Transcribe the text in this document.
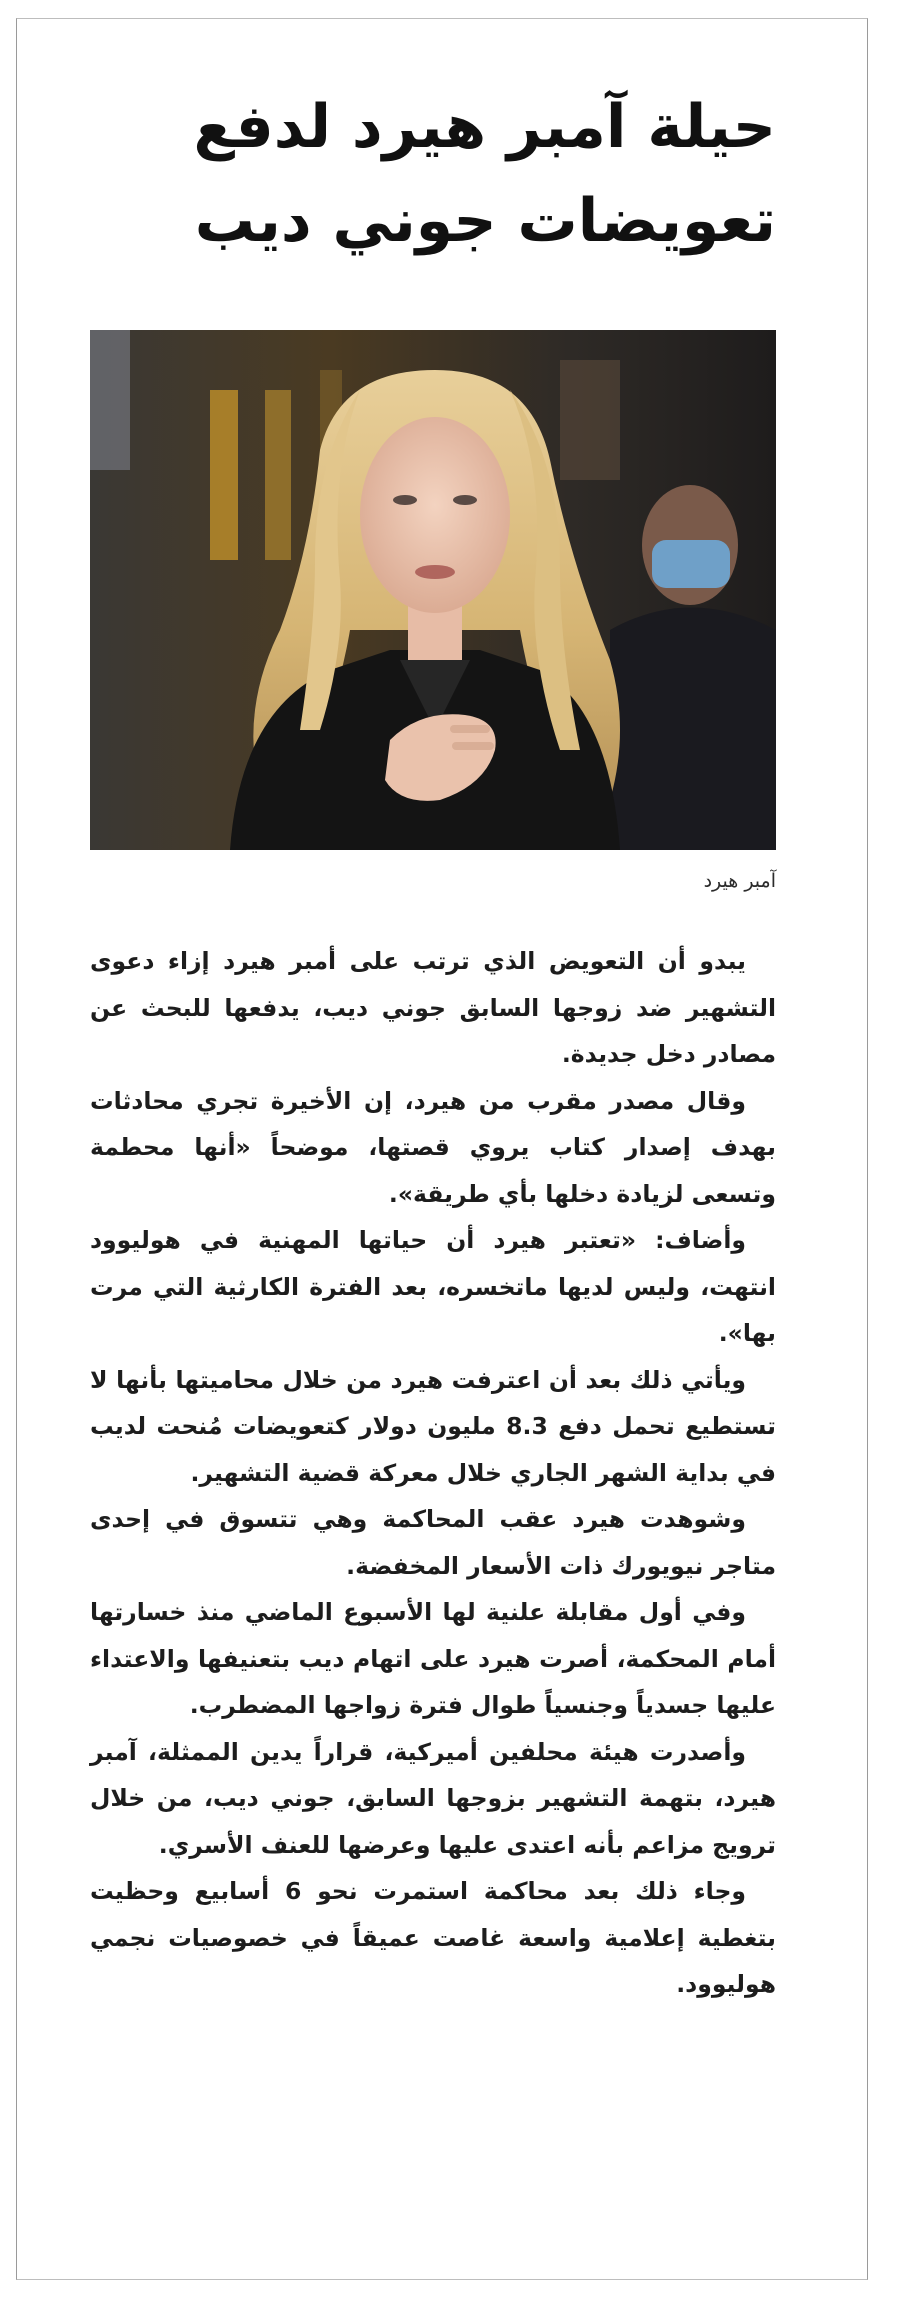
حيلة آمبر هيرد لدفع
تعويضات جوني ديب
آمبر هيرد

يبدو أن التعويض الذي ترتب على أمبر هيرد إزاء دعوى التشهير ضد زوجها السابق جوني ديب، يدفعها للبحث عن مصادر دخل جديدة.

وقال مصدر مقرب من هيرد، إن الأخيرة تجري محادثات بهدف إصدار كتاب يروي قصتها، موضحاً «أنها محطمة وتسعى لزيادة دخلها بأي طريقة».

وأضاف: «تعتبر هيرد أن حياتها المهنية في هوليوود انتهت، وليس لديها ماتخسره، بعد الفترة الكارثية التي مرت بها».

ويأتي ذلك بعد أن اعترفت هيرد من خلال محاميتها بأنها لا تستطيع تحمل دفع 8.3 مليون دولار كتعويضات مُنحت لديب في بداية الشهر الجاري خلال معركة قضية التشهير.

وشوهدت هيرد عقب المحاكمة وهي تتسوق في إحدى متاجر نيويورك ذات الأسعار المخفضة.

وفي أول مقابلة علنية لها الأسبوع الماضي منذ خسارتها أمام المحكمة، أصرت هيرد على اتهام ديب بتعنيفها والاعتداء عليها جسدياً وجنسياً طوال فترة زواجها المضطرب.

وأصدرت هيئة محلفين أميركية، قراراً يدين الممثلة، آمبر هيرد، بتهمة التشهير بزوجها السابق، جوني ديب، من خلال ترويج مزاعم بأنه اعتدى عليها وعرضها للعنف الأسري.

وجاء ذلك بعد محاكمة استمرت نحو 6 أسابيع وحظيت بتغطية إعلامية واسعة غاصت عميقاً في خصوصيات نجمي هوليوود.
